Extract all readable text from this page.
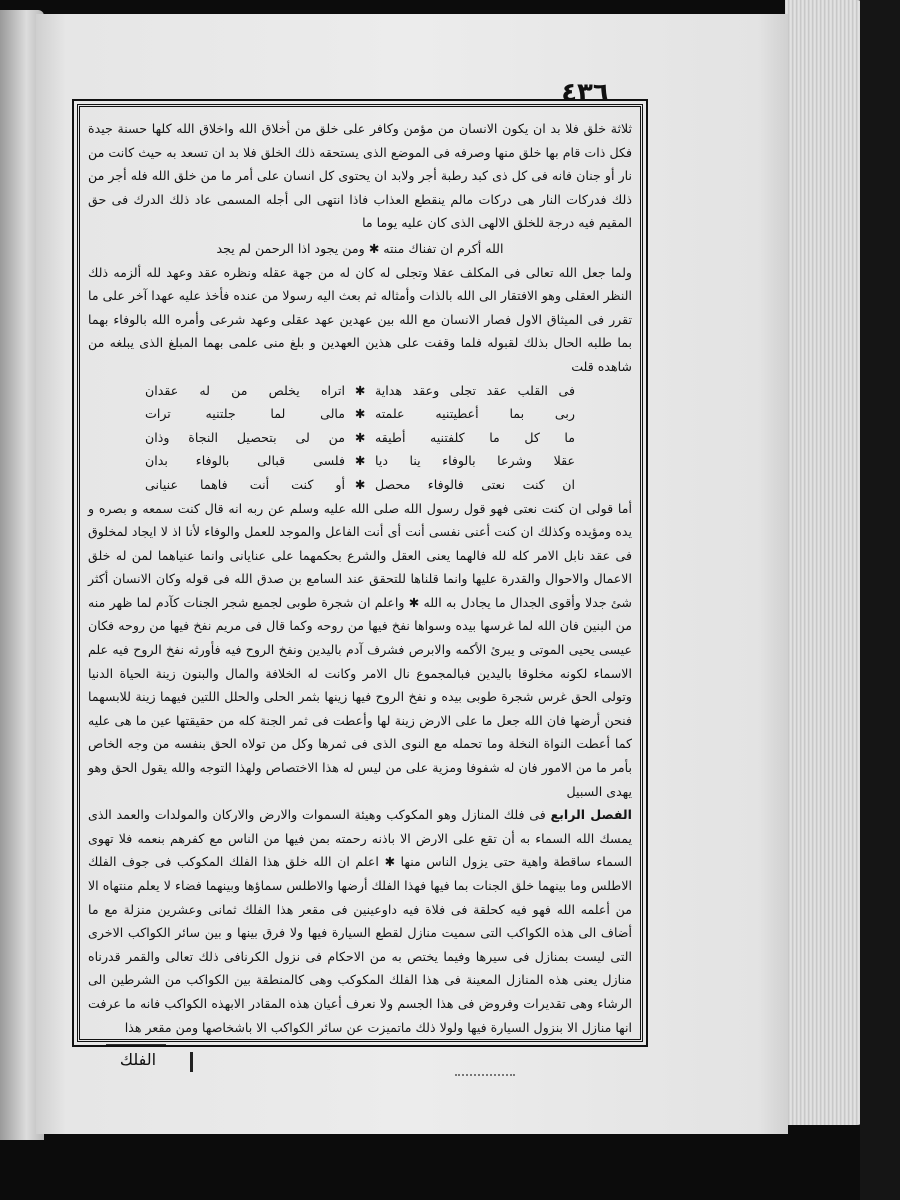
٤٣٦

ثلاثة خلق فلا بد ان يكون الانسان من مؤمن وكافر على خلق من أخلاق الله واخلاق الله كلها حسنة جيدة فكل ذات قام بها خلق منها وصرفه فى الموضع الذى يستحقه ذلك الخلق فلا بد ان تسعد به حيث كانت من نار أو جنان فانه فى كل ذى كبد رطبة أجر ولابد ان يحتوى كل انسان على أمر ما من خلق الله فله أجر من ذلك فدركات النار هى دركات مالم ينقطع العذاب فاذا انتهى الى أجله المسمى عاد ذلك الدرك فى حق المقيم فيه درجة للخلق الالهى الذى كان عليه يوما ما

الله أكرم ان تفناك منته ✱ ومن يجود اذا الرحمن لم يجد

ولما جعل الله تعالى فى المكلف عقلا وتجلى له كان له من جهة عقله ونظره عقد وعهد لله ألزمه ذلك النظر العقلى وهو الافتقار الى الله بالذات وأمثاله ثم بعث اليه رسولا من عنده فأخذ عليه عهدا آخر على ما تقرر فى الميثاق الاول فصار الانسان مع الله بين عهدين عهد عقلى وعهد شرعى وأمره الله بالوفاء بهما بما طلبه الحال بذلك لقبوله فلما وقفت على هذين العهدين و بلغ منى علمى بهما المبلغ الذى يبلغه من شاهده قلت

فى القلب عقد تجلى وعقد هداية
✱
اتراه يخلص من له عقدان
ربى بما أعطيتنيه علمته
✱
مالى لما جلتنيه ترات
ما كل ما كلفتنيه أطيقه
✱
من لى بتحصيل النجاة وذان
عقلا وشرعا بالوفاء ينا ديا
✱
فلسى قبالى بالوفاء بدان
ان كنت نعتى فالوفاء محصل
✱
أو كنت أنت فاهما عنيانى

أما قولى ان كنت نعتى فهو قول رسول الله صلى الله عليه وسلم عن ربه انه قال كنت سمعه و بصره و يده ومؤيده وكذلك ان كنت أعنى نفسى أنت أى أنت الفاعل والموجد للعمل والوفاء لأنا اذ لا ايجاد لمخلوق فى عقد نابل الامر كله لله فالهما يعنى العقل والشرع بحكمهما على عنايانى وانما عنياهما لمن له خلق الاعمال والاحوال والقدرة عليها وانما قلناها للتحقق عند السامع بن صدق الله فى قوله وكان الانسان أكثر شئ جدلا وأقوى الجدال ما يجادل به الله ✱ واعلم ان شجرة طوبى لجميع شجر الجنات كآدم لما ظهر منه من البنين فان الله لما غرسها بيده وسواها نفخ فيها من روحه وكما قال فى مريم نفخ فيها من روحه فكان عيسى يحيى الموتى و يبرئ الأكمه والابرص فشرف آدم باليدين ونفخ الروح فيه فأورثه نفخ الروح فيه علم الاسماء لكونه مخلوقا باليدين فبالمجموع نال الامر وكانت له الخلافة والمال والبنون زينة الحياة الدنيا وتولى الحق غرس شجرة طوبى بيده و نفخ الروح فيها زينها بثمر الحلى والحلل اللتين فيهما زينة للابسهما فنحن أرضها فان الله جعل ما على الارض زينة لها وأعطت فى ثمر الجنة كله من حقيقتها عين ما هى عليه كما أعطت النواة النخلة وما تحمله مع النوى الذى فى ثمرها وكل من تولاه الحق بنفسه من وجه الخاص بأمر ما من الامور فان له شفوفا ومزية على من ليس له هذا الاختصاص ولهذا التوجه والله يقول الحق وهو يهدى السبيل

الفصل الرابع فى فلك المنازل وهو المكوكب وهيئة السموات والارض والاركان والمولدات والعمد الذى يمسك الله السماء به أن تقع على الارض الا باذنه رحمته بمن فيها من الناس مع كفرهم بنعمه فلا تهوى السماء ساقطة واهية حتى يزول الناس منها ✱ اعلم ان الله خلق هذا الفلك المكوكب فى جوف الفلك الاطلس وما بينهما خلق الجنات بما فيها فهذا الفلك أرضها والاطلس سماؤها وبينهما فضاء لا يعلم منتهاه الا من أعلمه الله فهو فيه كحلقة فى فلاة فيه داوعينين فى مقعر هذا الفلك ثمانى وعشرين منزلة مع ما أضاف الى هذه الكواكب التى سميت منازل لقطع السيارة فيها ولا فرق بينها و بين سائر الكواكب الاخرى التى ليست بمنازل فى سيرها وفيما يختص به من الاحكام فى نزول الكرنافى ذلك تعالى والقمر قدرناه منازل يعنى هذه المنازل المعينة فى هذا الفلك المكوكب وهى كالمنطقة بين الكواكب من الشرطين الى الرشاء وهى تقديرات وفروض فى هذا الجسم ولا نعرف أعيان هذه المقادر الابهذه الكواكب فانه ما عرفت انها منازل الا بنزول السيارة فيها ولولا ذلك ماتميزت عن سائر الكواكب الا باشخاصها ومن مقعر هذا

الفلك
